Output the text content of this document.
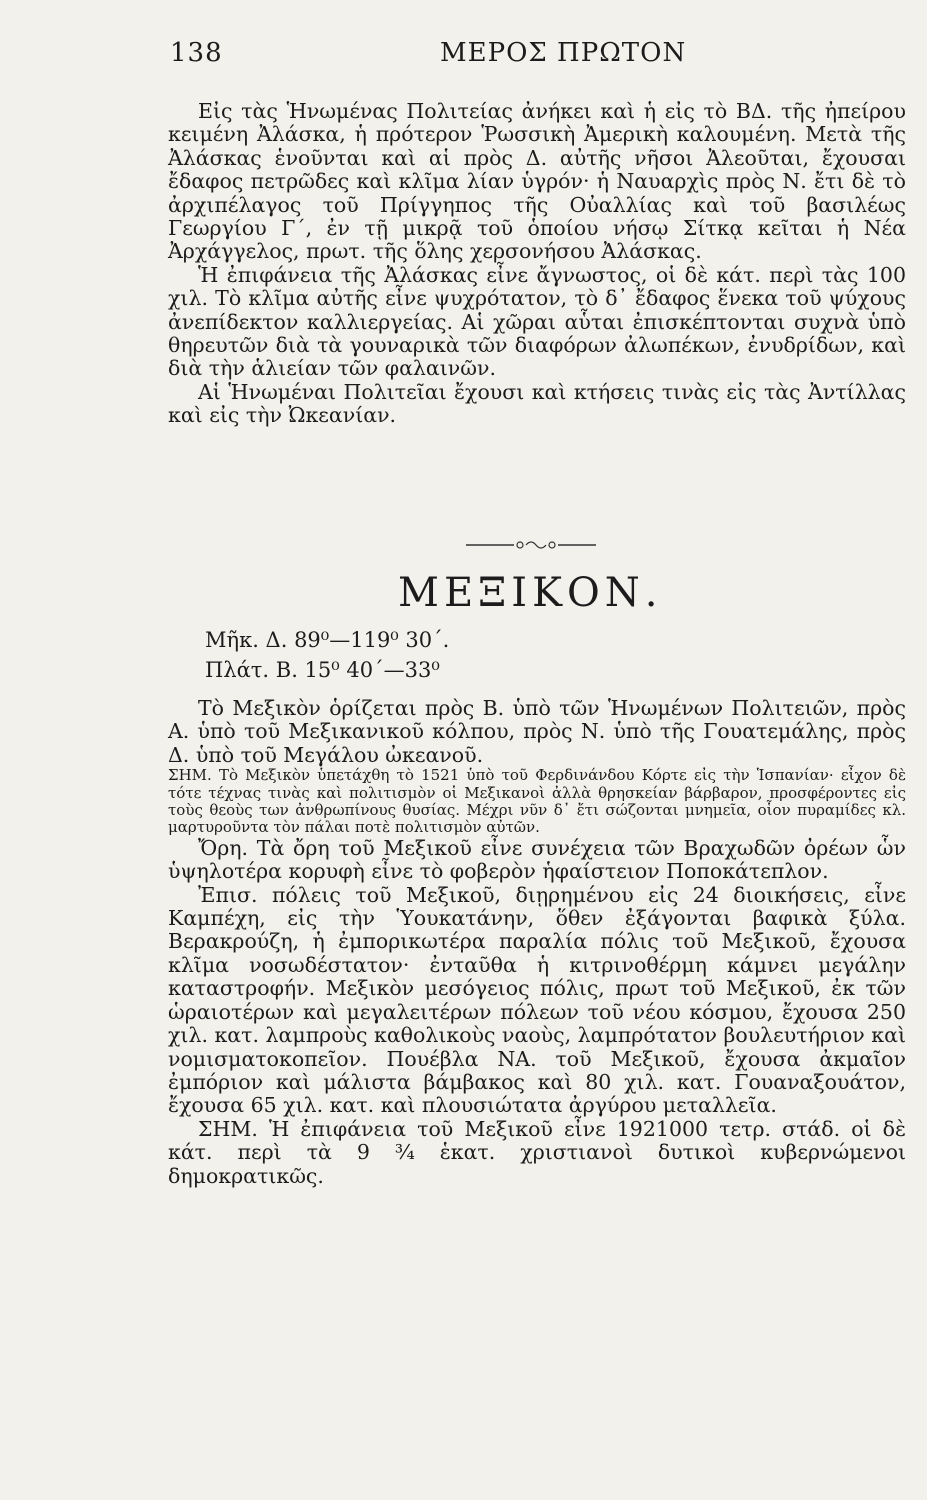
138	ΜΕΡΟΣ ΠΡΩΤΟΝ

Εἰς τὰς Ἡνωμένας Πολιτείας ἀνήκει καὶ ἡ εἰς τὸ ΒΔ. τῆς ἠπείρου κειμένη Ἀλάσκα, ἡ πρότερον Ῥωσσικὴ Ἀμερικὴ καλουμένη. Μετὰ τῆς Ἀλάσκας ἑνοῦνται καὶ αἱ πρὸς Δ. αὐτῆς νῆσοι Ἀλεοῦται, ἔχουσαι ἔδαφος πετρῶδες καὶ κλῖμα λίαν ὑγρόν· ἡ Ναυαρχὶς πρὸς Ν. ἔτι δὲ τὸ ἀρχιπέλαγος τοῦ Πρίγγηπος τῆς Οὐαλλίας καὶ τοῦ βασιλέως Γεωργίου Γ΄, ἐν τῇ μικρᾷ τοῦ ὁποίου νήσῳ Σίτκᾳ κεῖται ἡ Νέα Ἀρχάγγελος, πρωτ. τῆς ὅλης χερσονήσου Ἀλάσκας.

Ἡ ἐπιφάνεια τῆς Ἀλάσκας εἶνε ἄγνωστος, οἱ δὲ κάτ. περὶ τὰς 100 χιλ. Τὸ κλῖμα αὐτῆς εἶνε ψυχρότατον, τὸ δ᾽ ἔδαφος ἕνεκα τοῦ ψύχους ἀνεπίδεκτον καλλιεργείας. Αἱ χῶραι αὗται ἐπισκέπτονται συχνὰ ὑπὸ θηρευτῶν διὰ τὰ γουναρικὰ τῶν διαφόρων ἀλωπέκων, ἐνυδρίδων, καὶ διὰ τὴν ἁλιείαν τῶν φαλαινῶν.

Αἱ Ἡνωμέναι Πολιτεῖαι ἔχουσι καὶ κτήσεις τινὰς εἰς τὰς Ἀντίλλας καὶ εἰς τὴν Ὠκεανίαν.

ΜΕΞΙΚΟΝ.
Μῆκ. Δ. 89⁰—119⁰ 30΄.
Πλάτ. Β. 15⁰ 40΄—33⁰

Τὸ Μεξικὸν ὁρίζεται πρὸς Β. ὑπὸ τῶν Ἡνωμένων Πολιτειῶν, πρὸς Α. ὑπὸ τοῦ Μεξικανικοῦ κόλπου, πρὸς Ν. ὑπὸ τῆς Γουατεμάλης, πρὸς Δ. ὑπὸ τοῦ Μεγάλου ὠκεανοῦ.

ΣΗΜ. Τὸ Μεξικὸν ὑπετάχθη τὸ 1521 ὑπὸ τοῦ Φερδινάνδου Κόρτε εἰς τὴν Ἱσπανίαν· εἶχον δὲ τότε τέχνας τινὰς καὶ πολιτισμὸν οἱ Μεξικανοὶ ἀλλὰ θρησκείαν βάρβαρον, προσφέροντες εἰς τοὺς θεοὺς των ἀνθρωπίνους θυσίας. Μέχρι νῦν δ᾽ ἔτι σώζονται μνημεῖα, οἷον πυραμίδες κλ. μαρτυροῦντα τὸν πάλαι ποτὲ πολιτισμὸν αὐτῶν.

Ὄρη. Τὰ ὄρη τοῦ Μεξικοῦ εἶνε συνέχεια τῶν Βραχωδῶν ὀρέων ὧν ὑψηλοτέρα κορυφὴ εἶνε τὸ φοβερὸν ἡφαίστειον Ποποκάτεπλον.

Ἐπισ. πόλεις τοῦ Μεξικοῦ, διῃρημένου εἰς 24 διοικήσεις, εἶνε Καμπέχη, εἰς τὴν Ὑουκατάνην, ὅθεν ἐξάγονται βαφικὰ ξύλα. Βερακρούζη, ἡ ἐμπορικωτέρα παραλία πόλις τοῦ Μεξικοῦ, ἔχουσα κλῖμα νοσωδέστατον· ἐνταῦθα ἡ κιτρινοθέρμη κάμνει μεγάλην καταστροφήν. Μεξικὸν μεσόγειος πόλις, πρωτ τοῦ Μεξικοῦ, ἐκ τῶν ὡραιοτέρων καὶ μεγαλειτέρων πόλεων τοῦ νέου κόσμου, ἔχουσα 250 χιλ. κατ. λαμπροὺς καθολικοὺς ναοὺς, λαμπρότατον βουλευτήριον καὶ νομισματοκοπεῖον. Πουέβλα ΝΑ. τοῦ Μεξικοῦ, ἔχουσα ἀκμαῖον ἐμπόριον καὶ μάλιστα βάμβακος καὶ 80 χιλ. κατ. Γουαναξουάτον, ἔχουσα 65 χιλ. κατ. καὶ πλουσιώτατα ἀργύρου μεταλλεῖα.

ΣΗΜ. Ἡ ἐπιφάνεια τοῦ Μεξικοῦ εἶνε 1921000 τετρ. στάδ. οἱ δὲ κάτ. περὶ τὰ 9 ¾ ἑκατ. χριστιανοὶ δυτικοὶ κυβερνώμενοι δημοκρατικῶς.
